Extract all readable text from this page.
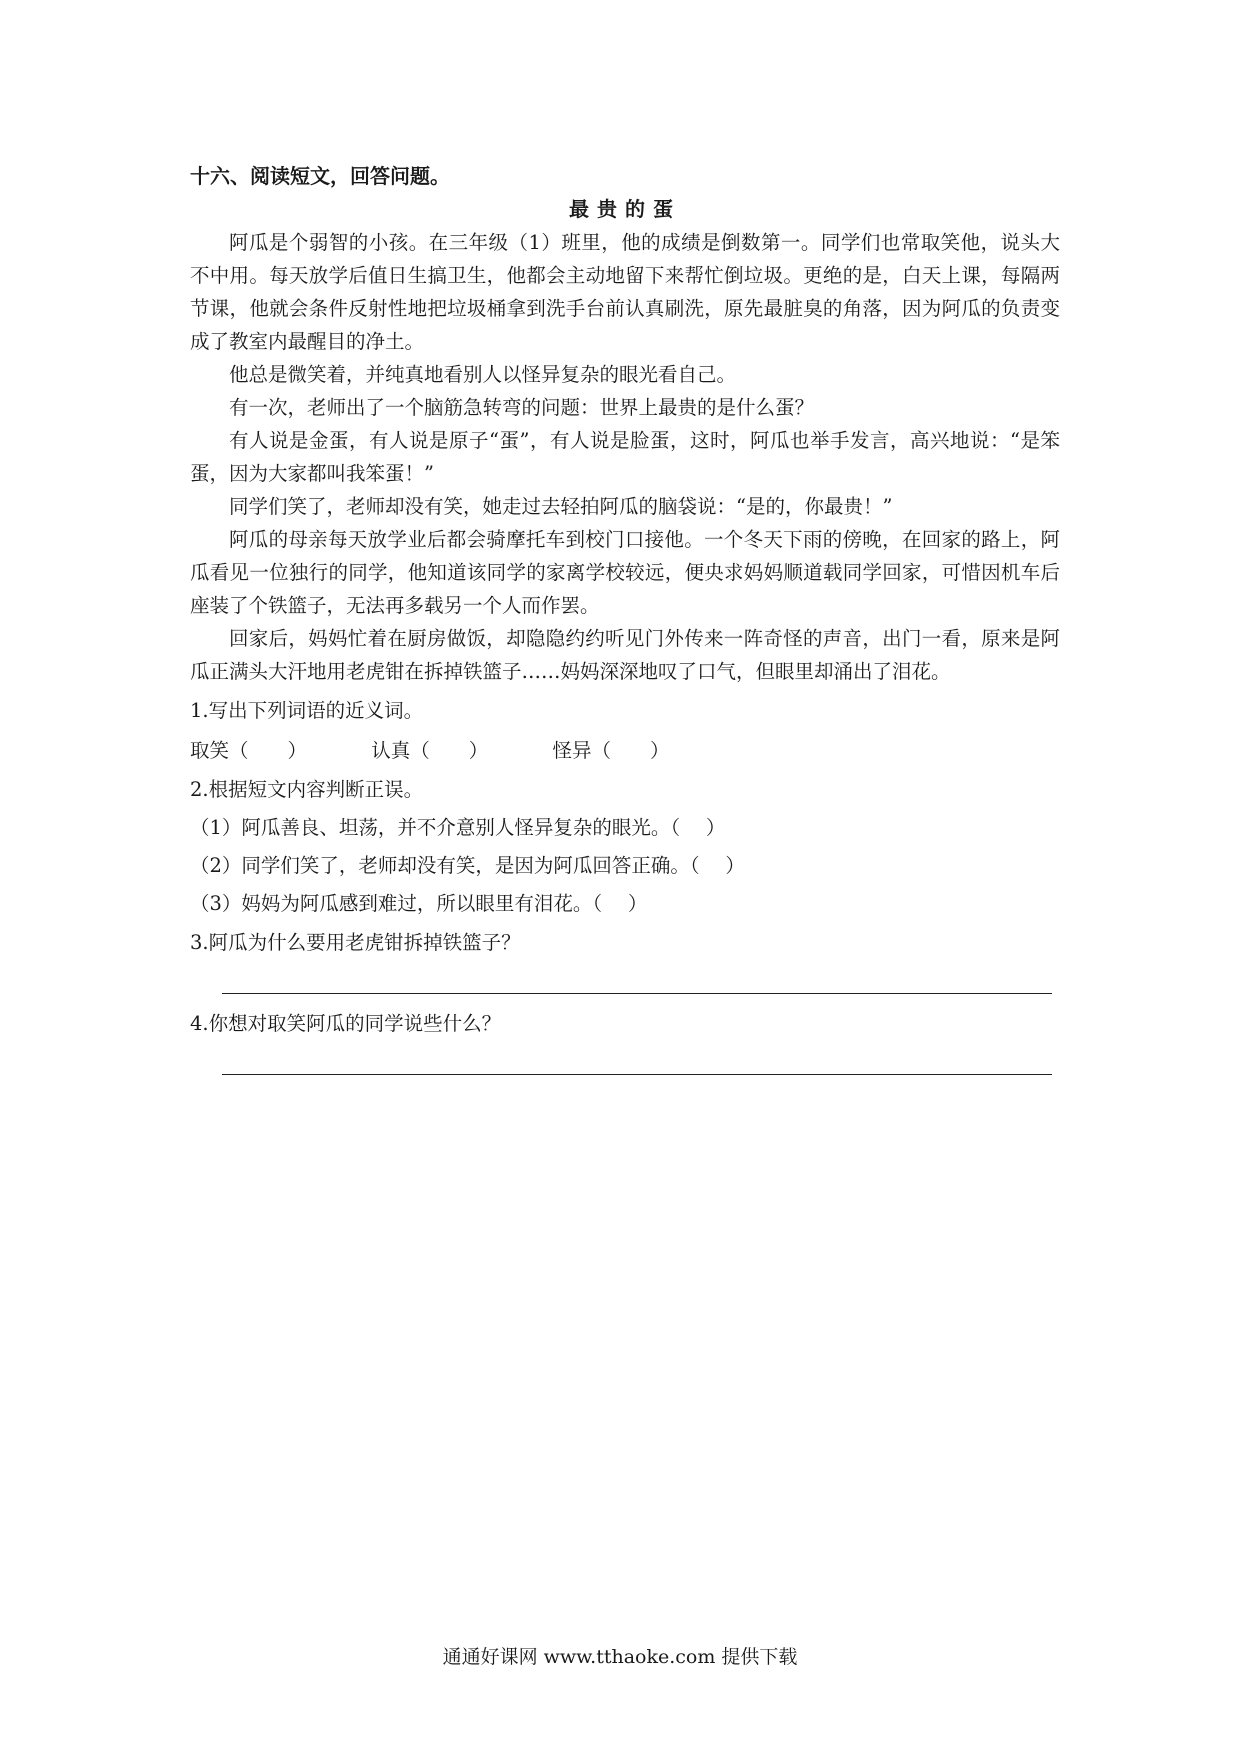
十六、阅读短文，回答问题。

最贵的蛋

阿瓜是个弱智的小孩。在三年级（1）班里，他的成绩是倒数第一。同学们也常取笑他，说头大不中用。每天放学后值日生搞卫生，他都会主动地留下来帮忙倒垃圾。更绝的是，白天上课，每隔两节课，他就会条件反射性地把垃圾桶拿到洗手台前认真刷洗，原先最脏臭的角落，因为阿瓜的负责变成了教室内最醒目的净土。

他总是微笑着，并纯真地看别人以怪异复杂的眼光看自己。

有一次，老师出了一个脑筋急转弯的问题：世界上最贵的是什么蛋？

有人说是金蛋，有人说是原子“蛋”，有人说是脸蛋，这时，阿瓜也举手发言，高兴地说：“是笨蛋，因为大家都叫我笨蛋！”

同学们笑了，老师却没有笑，她走过去轻拍阿瓜的脑袋说：“是的，你最贵！”

阿瓜的母亲每天放学业后都会骑摩托车到校门口接他。一个冬天下雨的傍晚，在回家的路上，阿瓜看见一位独行的同学，他知道该同学的家离学校较远，便央求妈妈顺道载同学回家，可惜因机车后座装了个铁篮子，无法再多载另一个人而作罢。

回家后，妈妈忙着在厨房做饭，却隐隐约约听见门外传来一阵奇怪的声音，出门一看，原来是阿瓜正满头大汗地用老虎钳在拆掉铁篮子……妈妈深深地叹了口气，但眼里却涌出了泪花。

1.写出下列词语的近义词。

取笑（　　）	认真（　　）	怪异（　　）

2.根据短文内容判断正误。

（1）阿瓜善良、坦荡，并不介意别人怪异复杂的眼光。（　 ）

（2）同学们笑了，老师却没有笑，是因为阿瓜回答正确。（　 ）

（3）妈妈为阿瓜感到难过，所以眼里有泪花。（　 ）

3.阿瓜为什么要用老虎钳拆掉铁篮子？

4.你想对取笑阿瓜的同学说些什么？

通通好课网 www.tthaoke.com 提供下载
